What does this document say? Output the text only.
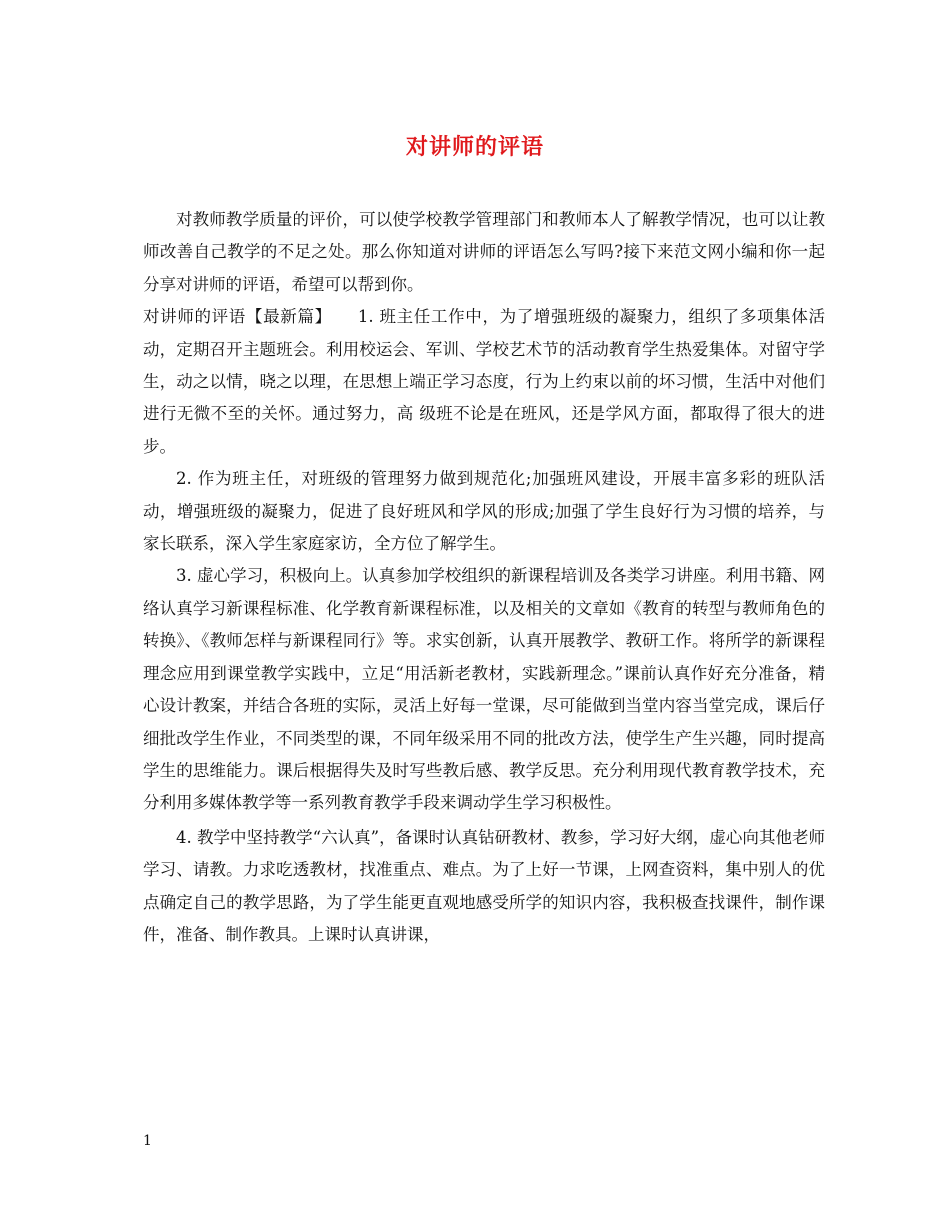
对讲师的评语

对教师教学质量的评价，可以使学校教学管理部门和教师本人了解教学情况，也可以让教师改善自己教学的不足之处。那么你知道对讲师的评语怎么写吗?接下来范文网小编和你一起分享对讲师的评语，希望可以帮到你。

对讲师的评语【最新篇】　　1. 班主任工作中，为了增强班级的凝聚力，组织了多项集体活动，定期召开主题班会。利用校运会、军训、学校艺术节的活动教育学生热爱集体。对留守学生，动之以情，晓之以理，在思想上端正学习态度，行为上约束以前的坏习惯，生活中对他们进行无微不至的关怀。通过努力，高 级班不论是在班风，还是学风方面，都取得了很大的进步。

2. 作为班主任，对班级的管理努力做到规范化;加强班风建设，开展丰富多彩的班队活动，增强班级的凝聚力，促进了良好班风和学风的形成;加强了学生良好行为习惯的培养，与家长联系，深入学生家庭家访，全方位了解学生。

3. 虚心学习，积极向上。认真参加学校组织的新课程培训及各类学习讲座。利用书籍、网络认真学习新课程标准、化学教育新课程标准，以及相关的文章如《教育的转型与教师角色的转换》、《教师怎样与新课程同行》等。求实创新，认真开展教学、教研工作。将所学的新课程理念应用到课堂教学实践中，立足“用活新老教材，实践新理念。”课前认真作好充分准备，精心设计教案，并结合各班的实际，灵活上好每一堂课，尽可能做到当堂内容当堂完成，课后仔细批改学生作业，不同类型的课，不同年级采用不同的批改方法，使学生产生兴趣，同时提高学生的思维能力。课后根据得失及时写些教后感、教学反思。充分利用现代教育教学技术，充分利用多媒体教学等一系列教育教学手段来调动学生学习积极性。

4. 教学中坚持教学“六认真”，备课时认真钻研教材、教参，学习好大纲，虚心向其他老师学习、请教。力求吃透教材，找准重点、难点。为了上好一节课，上网查资料，集中别人的优点确定自己的教学思路，为了学生能更直观地感受所学的知识内容，我积极查找课件，制作课件，准备、制作教具。上课时认真讲课，

1
